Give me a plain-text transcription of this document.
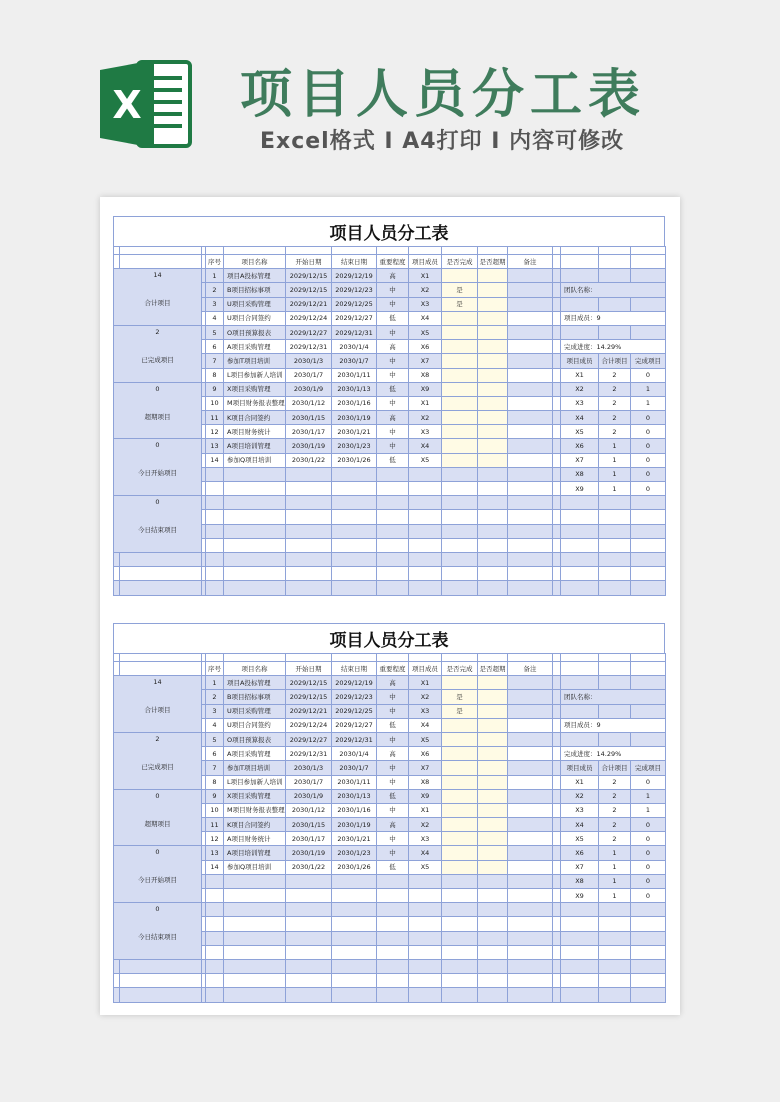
X 项目人员分工表
Excel格式 Ⅰ A4打印 Ⅰ 内容可修改
项目人员分工表

			序号	项目名称	开始日期	结束日期	重要程度	项目成员	是否完成	是否超期	备注				

14
合计项目			1	项目A投标管理	2029/12/15	2029/12/19	高	X1							
			2	B项目招标事项	2029/12/15	2029/12/23	中	X2	是				团队名称：		
			3	U项目采购管理	2029/12/21	2029/12/25	中	X3	是						
			4	U项目合同签约	2029/12/24	2029/12/27	低	X4					项目成员：9		

2
已完成项目			5	O项目预算报表	2029/12/27	2029/12/31	中	X5							
			6	A项目采购管理	2029/12/31	2030/1/4	高	X6					完成进度：14.29%		
			7	参加T项目培训	2030/1/3	2030/1/7	中	X7					项目成员	合计项目	完成项目
			8	L项目参加新人培训	2030/1/7	2030/1/11	中	X8					X1	2	0

0
超期项目			9	X项目采购管理	2030/1/9	2030/1/13	低	X9					X2	2	1
			10	M项目财务报表整理	2030/1/12	2030/1/16	中	X1					X3	2	1
			11	K项目合同签约	2030/1/15	2030/1/19	高	X2					X4	2	0
			12	A项目财务统计	2030/1/17	2030/1/21	中	X3					X5	2	0

0
今日开始项目			13	A项目培训管理	2030/1/19	2030/1/23	中	X4					X6	1	0
			14	参加Q项目培训	2030/1/22	2030/1/26	低	X5					X7	1	0
													X8	1	0
													X9	1	0

0
今日结束项目															

项目人员分工表

			序号	项目名称	开始日期	结束日期	重要程度	项目成员	是否完成	是否超期	备注				

14
合计项目			1	项目A投标管理	2029/12/15	2029/12/19	高	X1							
			2	B项目招标事项	2029/12/15	2029/12/23	中	X2	是				团队名称：		
			3	U项目采购管理	2029/12/21	2029/12/25	中	X3	是						
			4	U项目合同签约	2029/12/24	2029/12/27	低	X4					项目成员：9		

2
已完成项目			5	O项目预算报表	2029/12/27	2029/12/31	中	X5							
			6	A项目采购管理	2029/12/31	2030/1/4	高	X6					完成进度：14.29%		
			7	参加T项目培训	2030/1/3	2030/1/7	中	X7					项目成员	合计项目	完成项目
			8	L项目参加新人培训	2030/1/7	2030/1/11	中	X8					X1	2	0

0
超期项目			9	X项目采购管理	2030/1/9	2030/1/13	低	X9					X2	2	1
			10	M项目财务报表整理	2030/1/12	2030/1/16	中	X1					X3	2	1
			11	K项目合同签约	2030/1/15	2030/1/19	高	X2					X4	2	0
			12	A项目财务统计	2030/1/17	2030/1/21	中	X3					X5	2	0

0
今日开始项目			13	A项目培训管理	2030/1/19	2030/1/23	中	X4					X6	1	0
			14	参加Q项目培训	2030/1/22	2030/1/26	低	X5					X7	1	0
													X8	1	0
													X9	1	0

0
今日结束项目															
